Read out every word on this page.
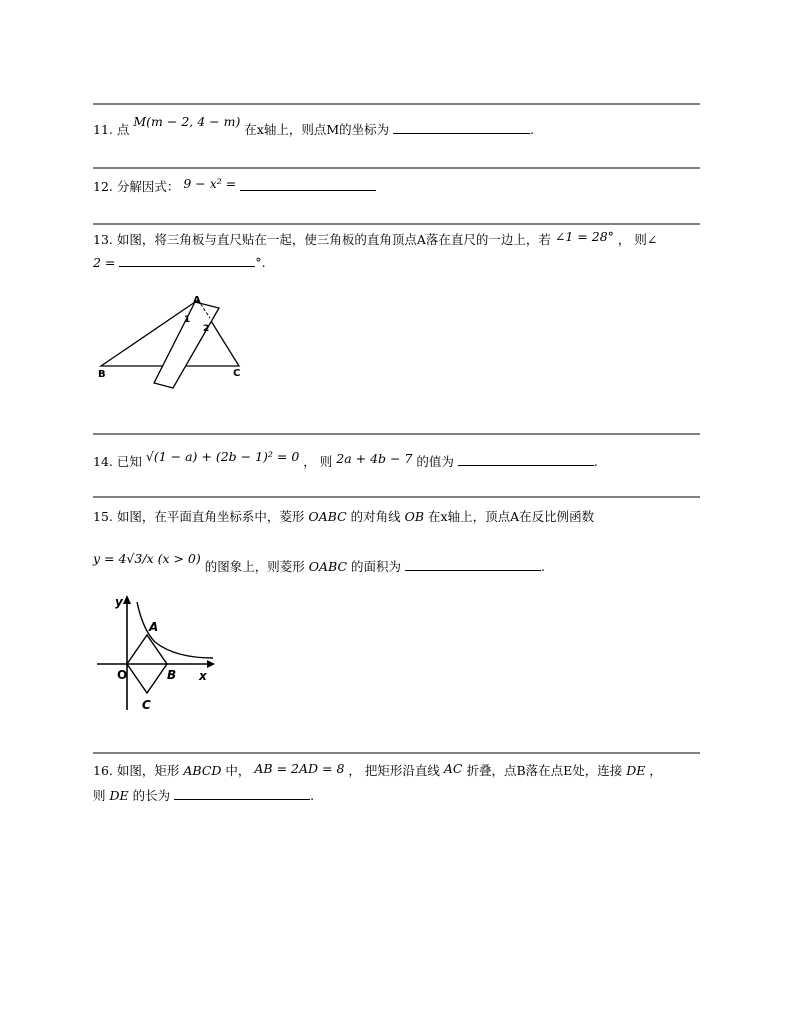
11. 点 M(m − 2, 4 − m) 在x轴上，则点M的坐标为	.
12. 分解因式： 9 − x² =
13. 如图，将三角板与直尺贴在一起，使三角板的直角顶点A落在直尺的一边上，若 ∠1 = 28° ， 则∠
2 =	°.
A
B	C
1
2
14. 已知 √(1 − a) + (2b − 1)² = 0 ， 则 2a + 4b − 7 的值为	.
15. 如图，在平面直角坐标系中，菱形 OABC 的对角线 OB 在x轴上，顶点A在反比例函数
y = 4√3/x (x > 0) 的图象上，则菱形 OABC 的面积为	.
y
x
O
A
B
C
16. 如图，矩形 ABCD 中， AB = 2AD = 8 ， 把矩形沿直线 AC 折叠，点B落在点E处，连接 DE ，
则 DE 的长为	.
